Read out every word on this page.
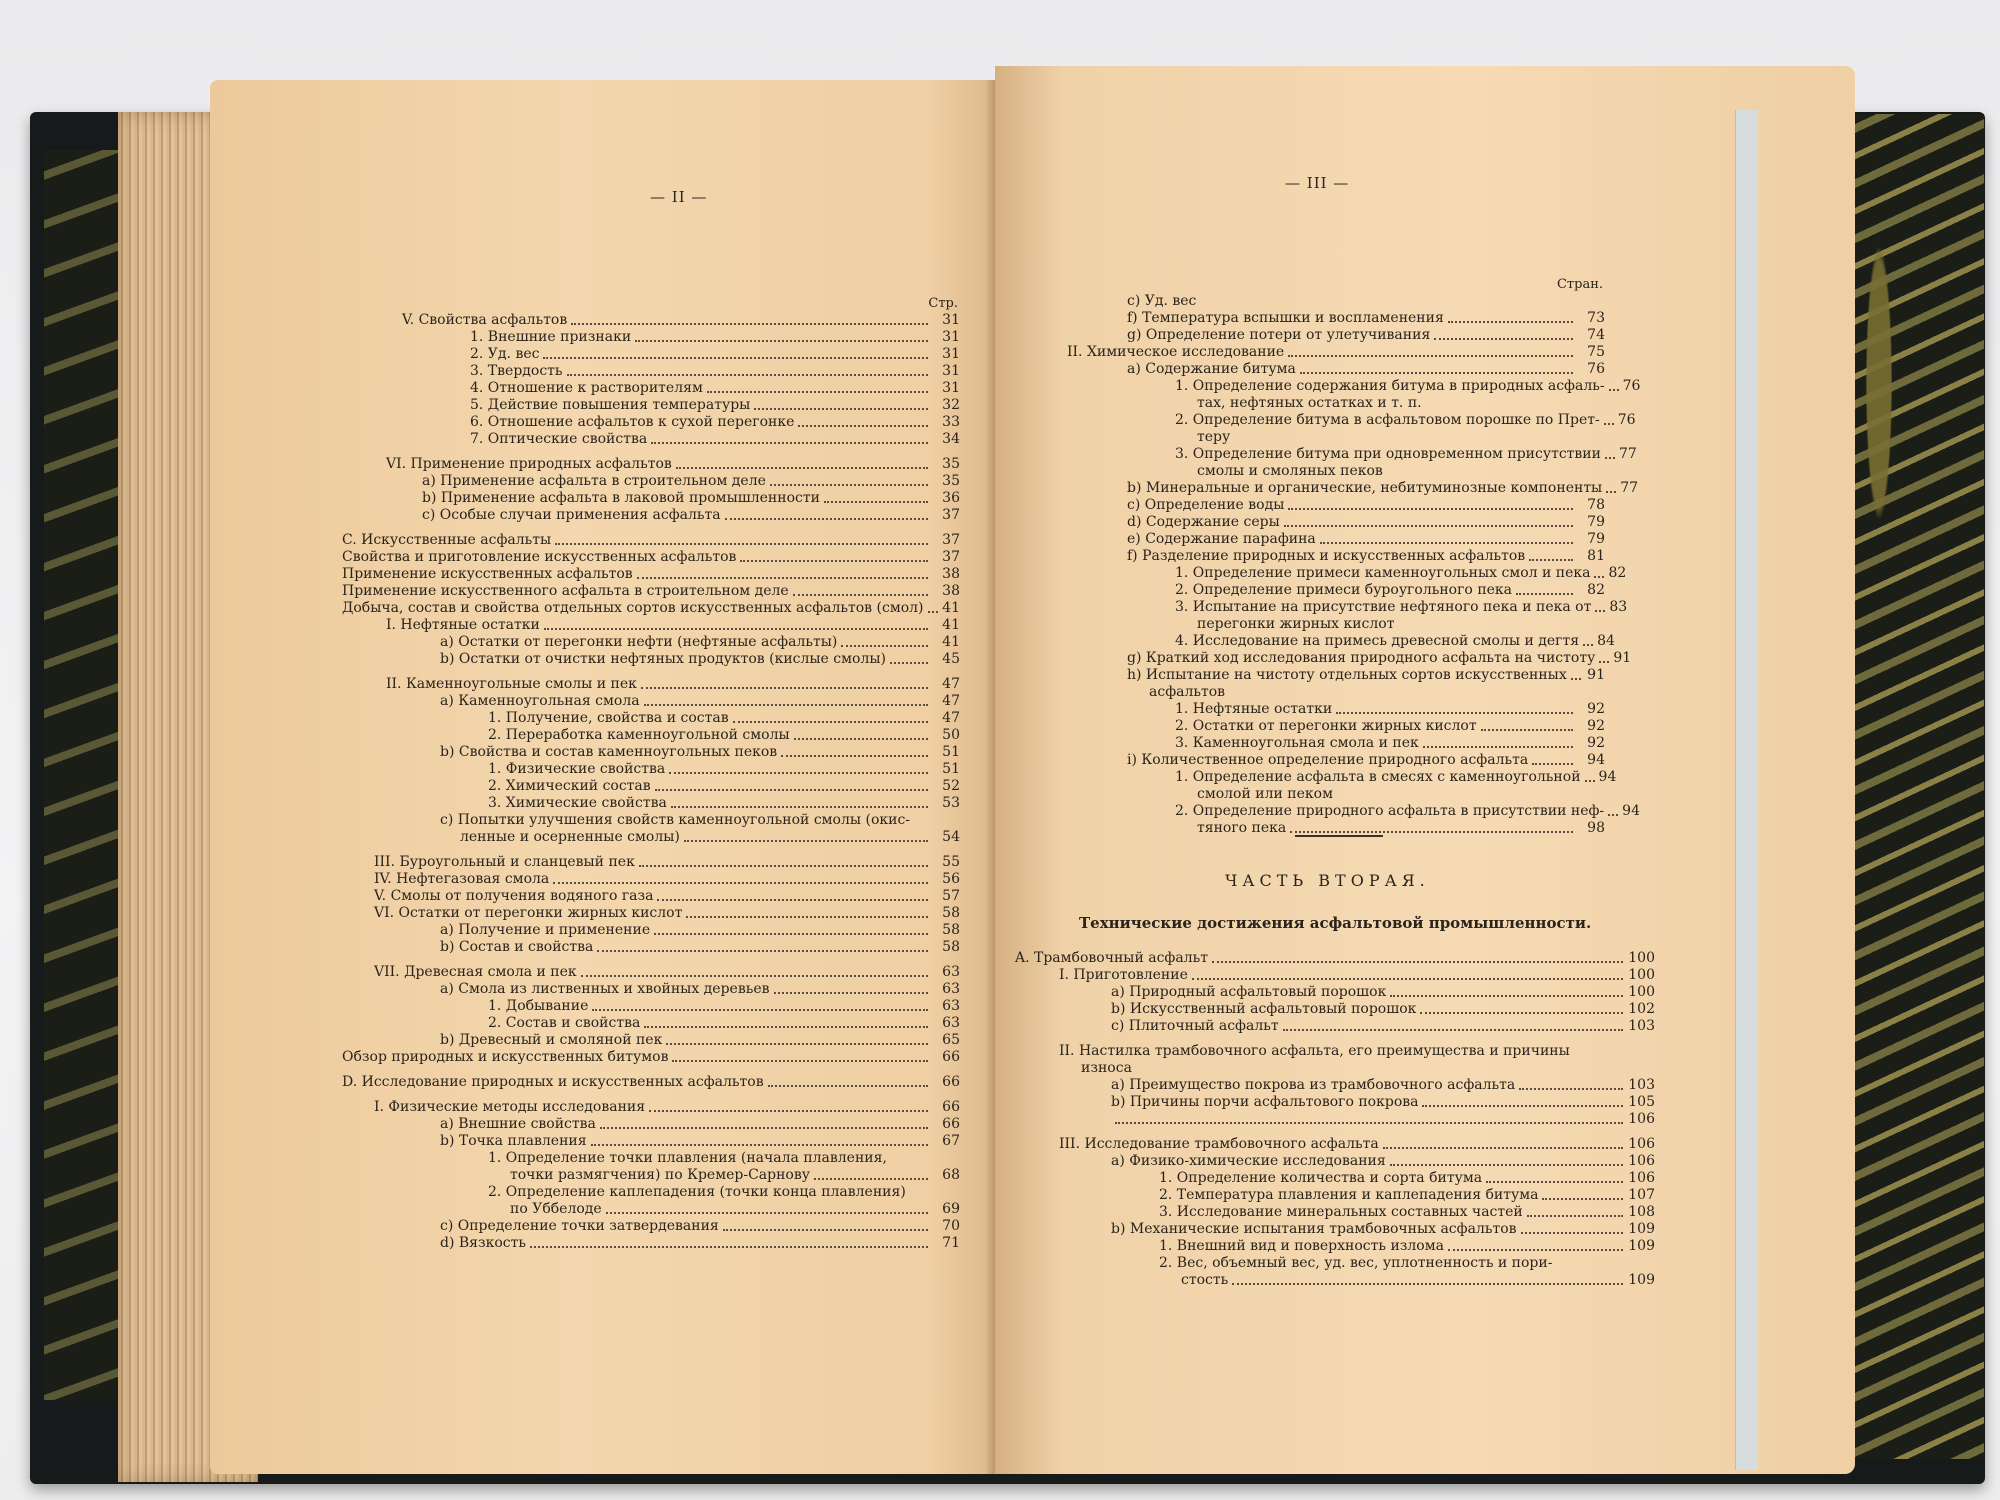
— II —
Стр.
V. Свойства асфальтов	31
1. Внешние признаки	31
2. Уд. вес	31
3. Твердость	31
4. Отношение к растворителям	31
5. Действие повышения температуры	32
6. Отношение асфальтов к сухой перегонке	33
7. Оптические свойства	34
VI. Применение природных асфальтов	35
а) Применение асфальта в строительном деле	35
b) Применение асфальта в лаковой промышленности	36
c) Особые случаи применения асфальта	37
C. Искусственные асфальты	37
Свойства и приготовление искусственных асфальтов	37
Применение искусственных асфальтов	38
Применение искусственного асфальта в строительном деле	38
Добыча, состав и свойства отдельных сортов искусственных асфальтов (смол) 41
I. Нефтяные остатки	41
а) Остатки от перегонки нефти (нефтяные асфальты)	41
b) Остатки от очистки нефтяных продуктов (кислые смолы)	45
II. Каменноугольные смолы и пек	47
а) Каменноугольная смола	47
1. Получение, свойства и состав	47
2. Переработка каменноугольной смолы	50
b) Свойства и состав каменноугольных пеков	51
1. Физические свойства	51
2. Химический состав	52
3. Химические свойства	53
c) Попытки улучшения свойств каменноугольной смолы (окис-
ленные и осерненные смолы)	54
III. Буроугольный и сланцевый пек	55
IV. Нефтегазовая смола	56
V. Смолы от получения водяного газа	57
VI. Остатки от перегонки жирных кислот	58
а) Получение и применение	58
b) Состав и свойства	58
VII. Древесная смола и пек	63
а) Смола из лиственных и хвойных деревьев	63
1. Добывание	63
2. Состав и свойства	63
b) Древесный и смоляной пек	65
Обзор природных и искусственных битумов	66
D. Исследование природных и искусственных асфальтов	66
I. Физические методы исследования	66
а) Внешние свойства	66
b) Точка плавления	67
1. Определение точки плавления (начала плавления,
точки размягчения) по Кремер-Сарнову	68
2. Определение каплепадения (точки конца плавления)
по Уббелоде	69
c) Определение точки затвердевания	70
d) Вязкость	71
— III —
Стран.
c) Уд. вес
f) Температура вспышки и воспламенения	73
g) Определение потери от улетучивания	74
II. Химическое исследование	75
а) Содержание битума	76
1. Определение содержания битума в природных асфаль- 76
тах, нефтяных остатках и т. п.
2. Определение битума в асфальтовом порошке по Прет- 76
теру
3. Определение битума при одновременном присутствии 77
смолы и смоляных пеков
b) Минеральные и органические, небитуминозные компоненты 77
c) Определение воды	78
d) Содержание серы	79
e) Содержание парафина	79
f) Разделение природных и искусственных асфальтов	81
1. Определение примеси каменноугольных смол и пека 82
2. Определение примеси буроугольного пека	82
3. Испытание на присутствие нефтяного пека и пека от 83
перегонки жирных кислот
4. Исследование на примесь древесной смолы и дегтя 84
g) Краткий ход исследования природного асфальта на чистоту 91
h) Испытание на чистоту отдельных сортов искусственных 91
асфальтов
1. Нефтяные остатки	92
2. Остатки от перегонки жирных кислот	92
3. Каменноугольная смола и пек	92
i) Количественное определение природного асфальта	94
1. Определение асфальта в смесях с каменноугольной 94
смолой или пеком
2. Определение природного асфальта в присутствии неф- 94
тяного пека	98
ЧАСТЬ ВТОРАЯ.
Технические достижения асфальтовой промышленности.
A. Трамбовочный асфальт	100
I. Приготовление	100
а) Природный асфальтовый порошок	100
b) Искусственный асфальтовый порошок	102
c) Плиточный асфальт	103
II. Настилка трамбовочного асфальта, его преимущества и причины
износа
а) Преимущество покрова из трамбовочного асфальта	103
b) Причины порчи асфальтового покрова	105
106
III. Исследование трамбовочного асфальта	106
а) Физико-химические исследования	106
1. Определение количества и сорта битума	106
2. Температура плавления и каплепадения битума	107
3. Исследование минеральных составных частей	108
b) Механические испытания трамбовочных асфальтов	109
1. Внешний вид и поверхность излома	109
2. Вес, объемный вес, уд. вес, уплотненность и пори-
стость	109
